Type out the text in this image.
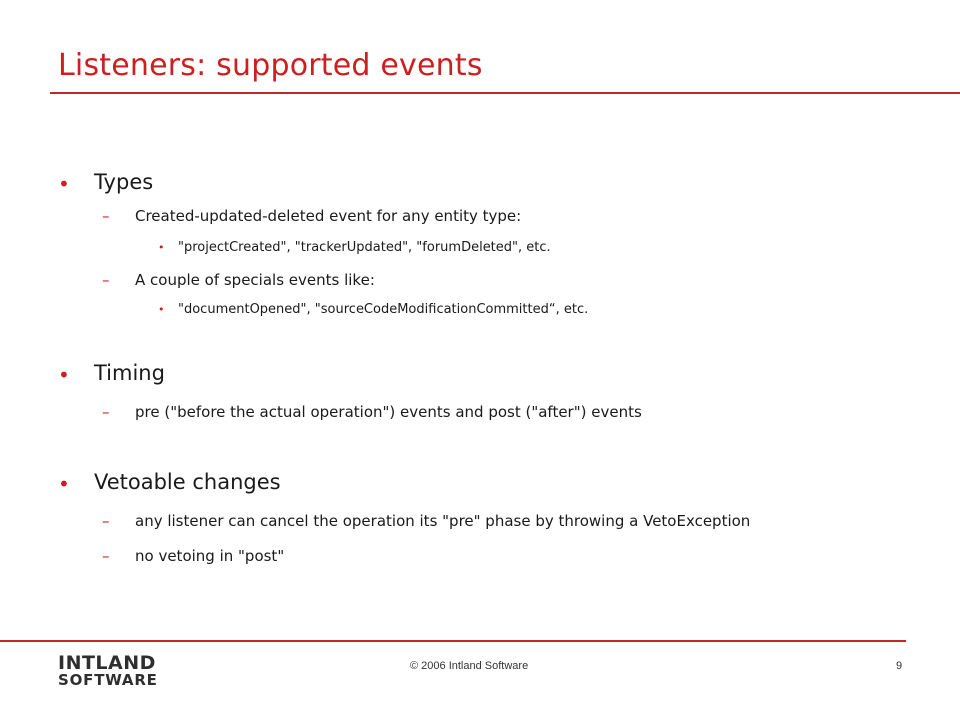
Listeners: supported events
• Types
– Created-updated-deleted event for any entity type:
• "projectCreated", "trackerUpdated", "forumDeleted", etc.
– A couple of specials events like:
• "documentOpened", "sourceCodeModificationCommitted“, etc.
• Timing
– pre ("before the actual operation") events and post ("after") events
• Vetoable changes
– any listener can cancel the operation its "pre" phase by throwing a VetoException
– no vetoing in "post"
INTLAND
SOFTWARE
© 2006 Intland Software	9
